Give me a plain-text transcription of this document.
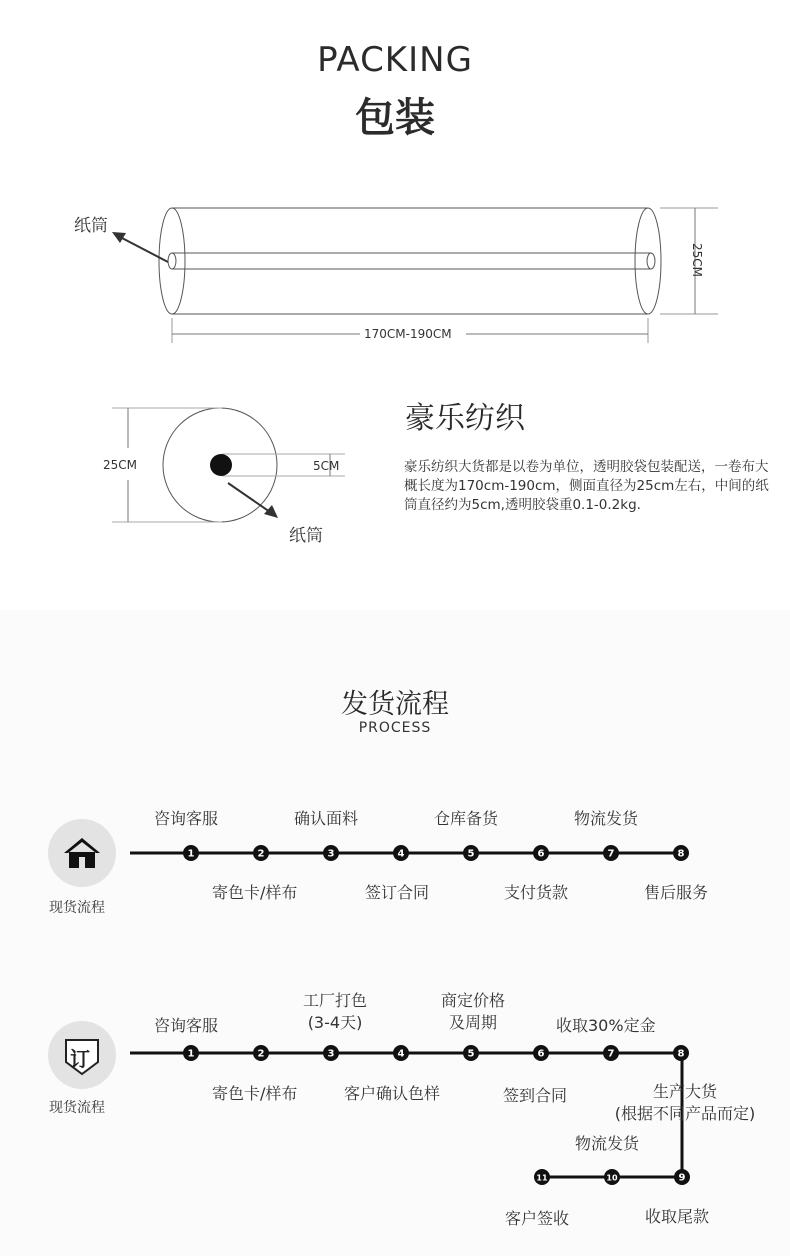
PACKING
包装
纸筒
25CM
170CM-190CM
25CM	5CM
纸筒
豪乐纺织
豪乐纺织大货都是以卷为单位，透明胶袋包装配送，一卷布大概长度为170cm-190cm，侧面直径为25cm左右，中间的纸筒直径约为5cm,透明胶袋重0.1-0.2kg.
发货流程
PROCESS
1	2	3	4	5	6	7	8
1	2	3	4	5	6	7	8
9
10
11
订
现货流程
咨询客服	确认面料	仓库备货	物流发货
寄色卡/样布	签订合同	支付货款	售后服务
现货流程
咨询客服
工厂打色
(3-4天)
商定价格
及周期	收取30%定金
寄色卡/样布	客户确认色样	签到合同	生产大货
(根据不同产品而定)
物流发货
收取尾款
客户签收
